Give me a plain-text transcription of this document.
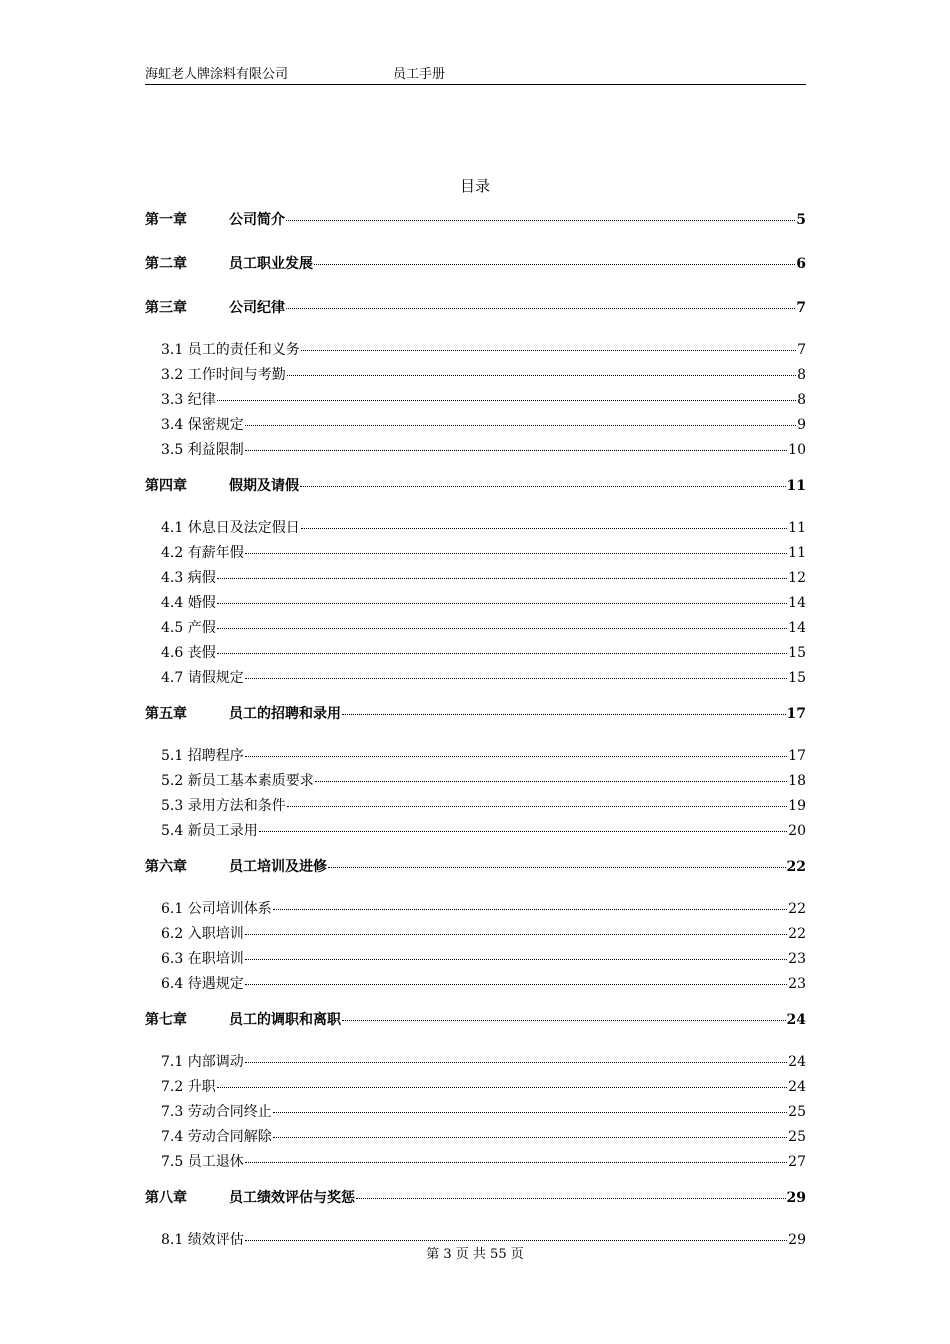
海虹老人牌涂料有限公司	员工手册
目录
第一章	公司简介	5
第二章	员工职业发展	6
第三章	公司纪律	7
3.1 员工的责任和义务	7
3.2 工作时间与考勤	8
3.3 纪律	8
3.4 保密规定	9
3.5 利益限制	10
第四章	假期及请假	11
4.1 休息日及法定假日	11
4.2 有薪年假	11
4.3 病假	12
4.4 婚假	14
4.5 产假	14
4.6 丧假	15
4.7 请假规定	15
第五章	员工的招聘和录用	17
5.1 招聘程序	17
5.2 新员工基本素质要求	18
5.3 录用方法和条件	19
5.4 新员工录用	20
第六章	员工培训及进修	22
6.1 公司培训体系	22
6.2 入职培训	22
6.3 在职培训	23
6.4 待遇规定	23
第七章	员工的调职和离职	24
7.1 内部调动	24
7.2 升职	24
7.3 劳动合同终止	25
7.4 劳动合同解除	25
7.5 员工退休	27
第八章	员工绩效评估与奖惩	29
8.1 绩效评估	29
第 3 页 共 55 页
